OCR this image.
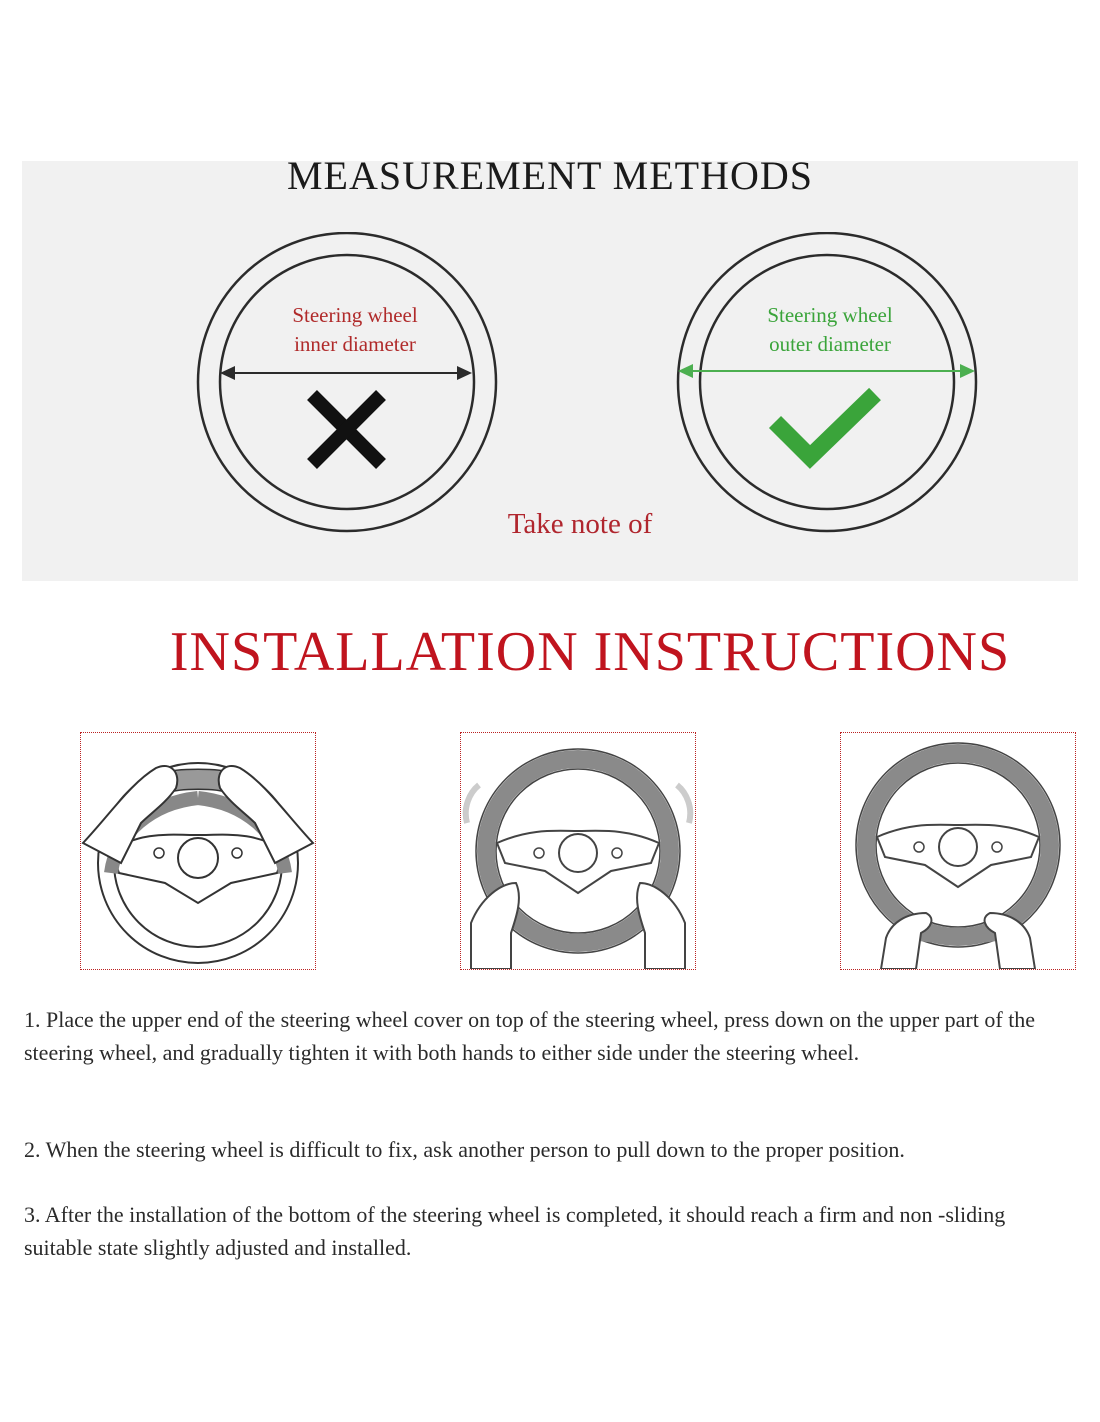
MEASUREMENT METHODS
Steering wheel
inner diameter
Steering wheel
outer diameter
Take note of
INSTALLATION INSTRUCTIONS
1. Place the upper end of the steering wheel cover on top of the steering wheel, press down on the upper part of the steering wheel, and gradually tighten it with both hands to either side under the steering wheel.
2. When the steering wheel is difficult to fix, ask another person to pull down to the proper position.
3. After the installation of the bottom of the steering wheel is completed, it should reach a firm and non -sliding suitable state slightly adjusted and installed.
